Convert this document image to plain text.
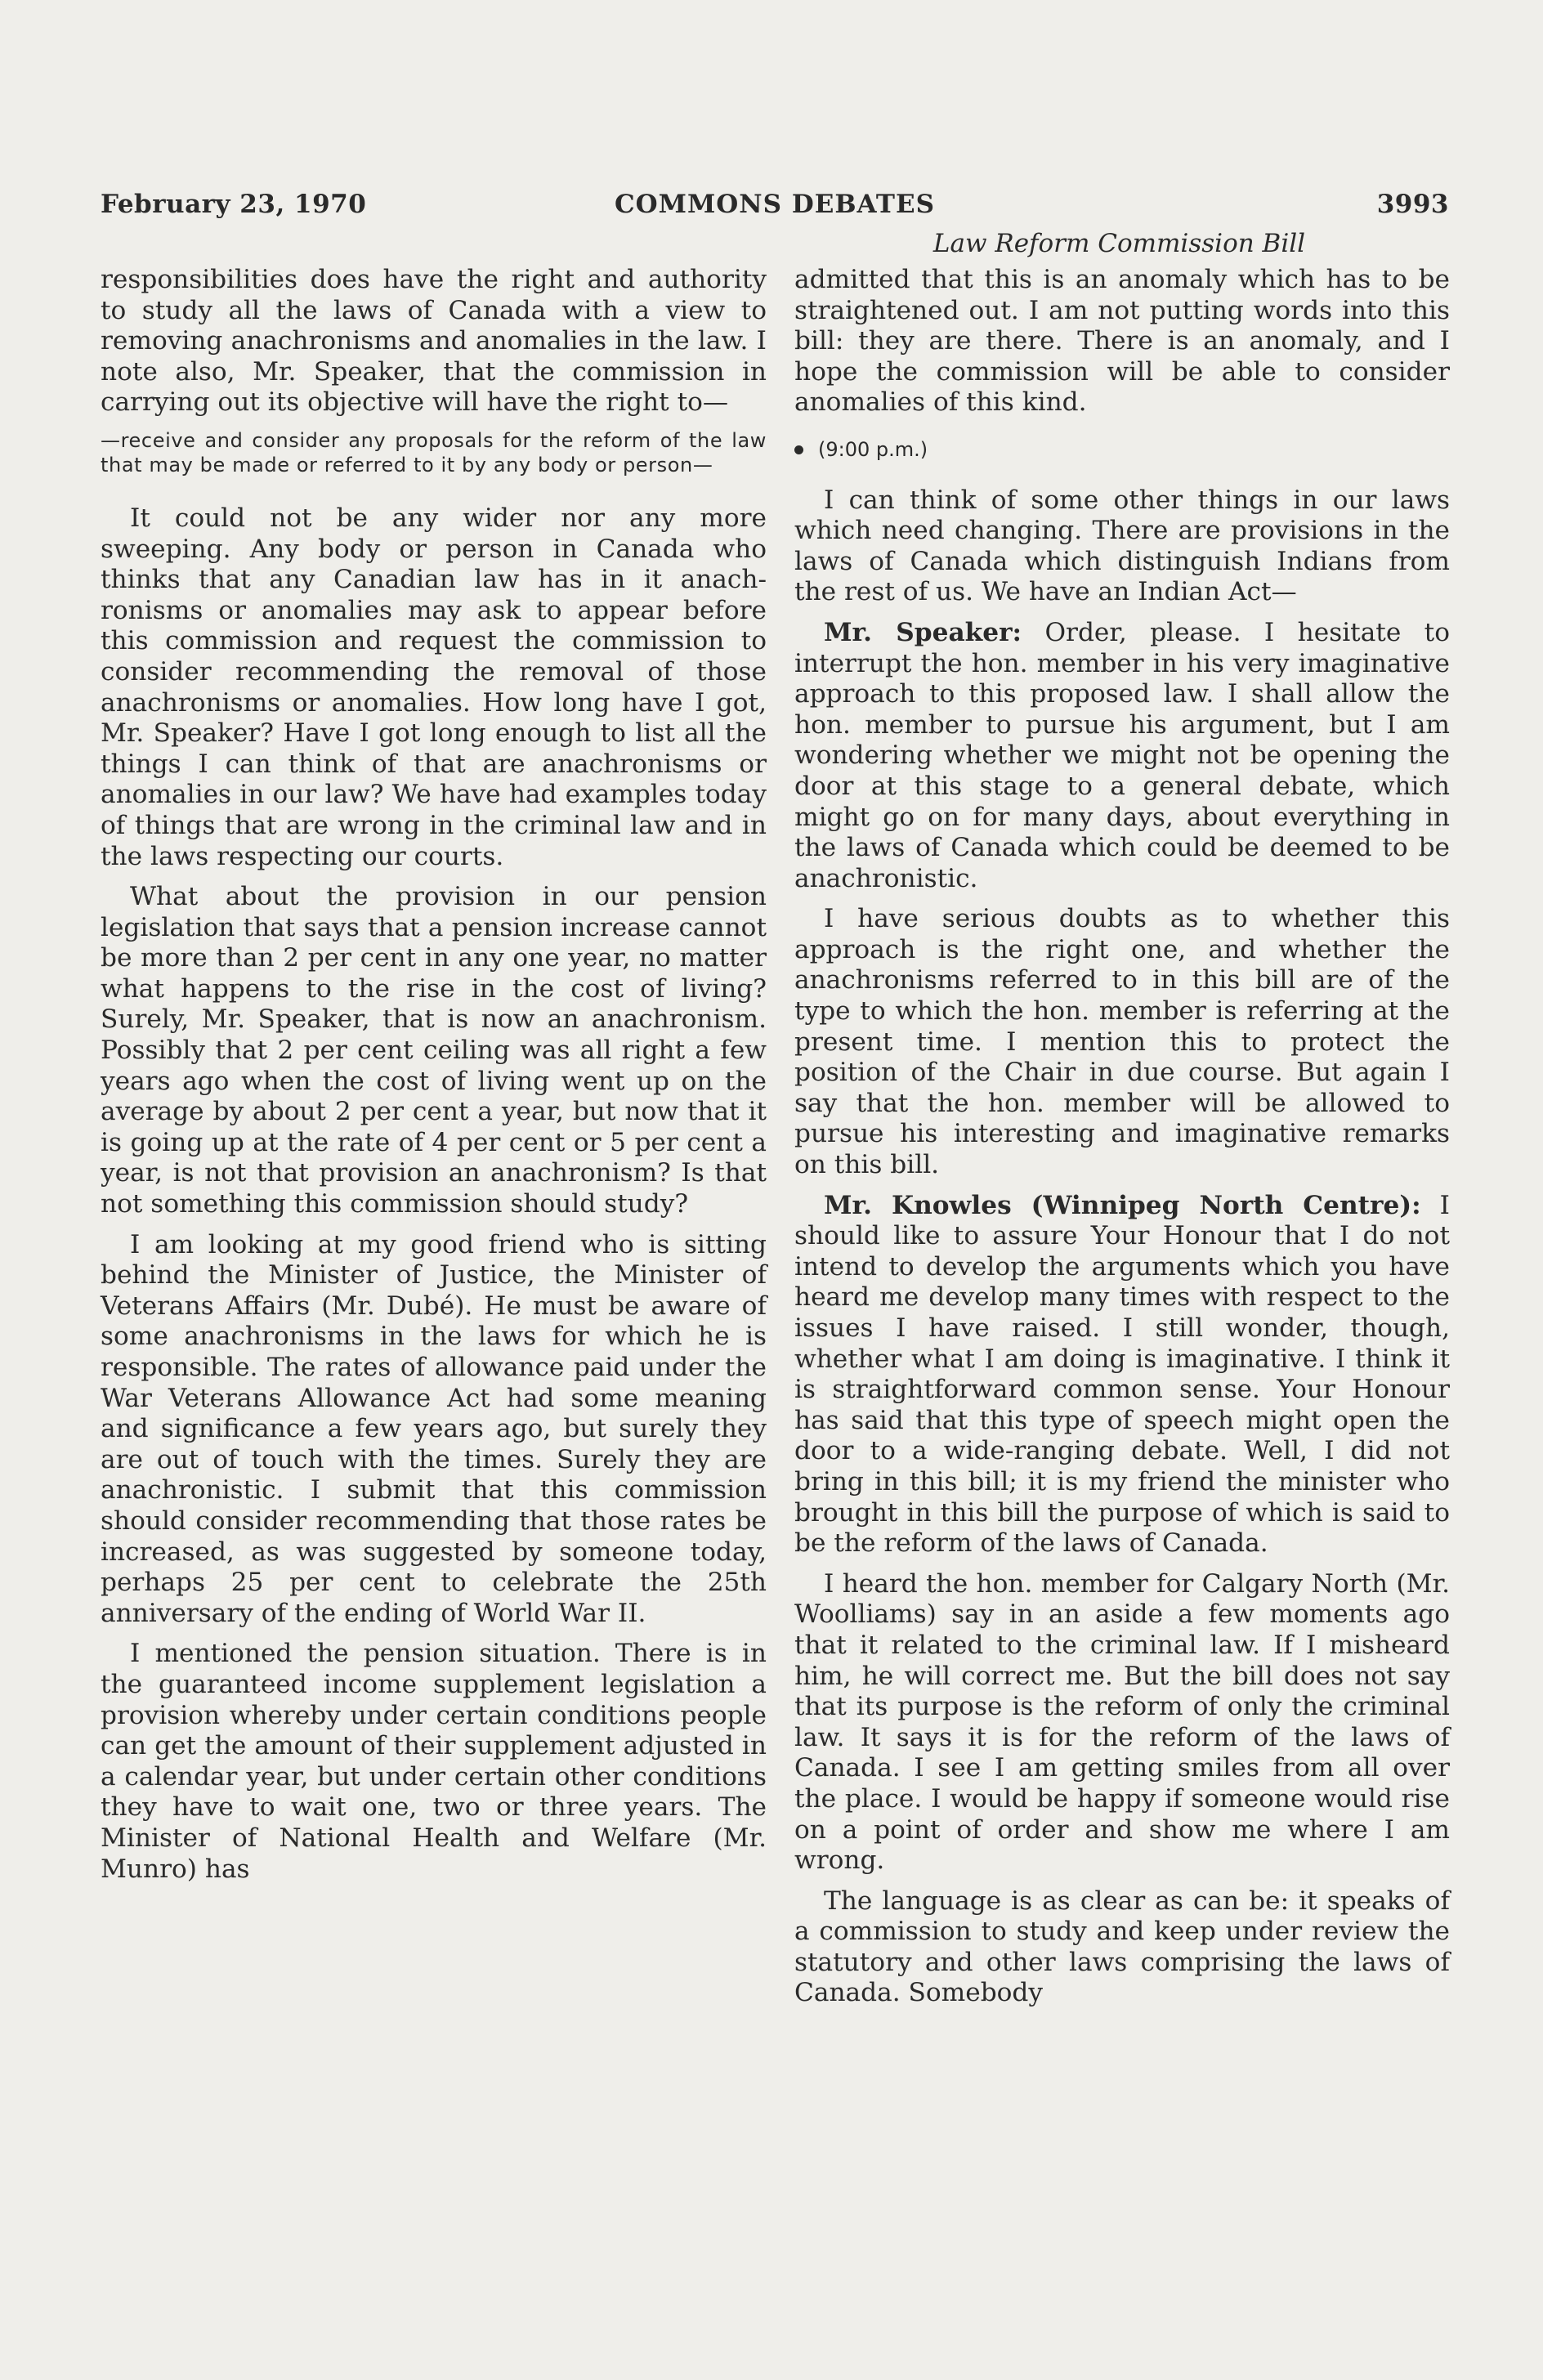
February 23, 1970	COMMONS DEBATES	3993
Law Reform Commission Bill

responsibilities does have the right and authority to study all the laws of Canada with a view to removing anachronisms and anomalies in the law. I note also, Mr. Speaker, that the commission in carrying out its objective will have the right to—

—receive and consider any proposals for the reform of the law that may be made or referred to it by any body or person—

It could not be any wider nor any more sweeping. Any body or person in Canada who thinks that any Canadian law has in it anachronisms or anomalies may ask to appear before this commission and request the commission to consider recommending the removal of those anachronisms or anomalies. How long have I got, Mr. Speaker? Have I got long enough to list all the things I can think of that are anachronisms or anomalies in our law? We have had examples today of things that are wrong in the criminal law and in the laws respecting our courts.

What about the provision in our pension legislation that says that a pension increase cannot be more than 2 per cent in any one year, no matter what happens to the rise in the cost of living? Surely, Mr. Speaker, that is now an anachronism. Possibly that 2 per cent ceiling was all right a few years ago when the cost of living went up on the average by about 2 per cent a year, but now that it is going up at the rate of 4 per cent or 5 per cent a year, is not that provision an anachronism? Is that not something this commission should study?

I am looking at my good friend who is sitting behind the Minister of Justice, the Minister of Veterans Affairs (Mr. Dubé). He must be aware of some anachronisms in the laws for which he is responsible. The rates of allowance paid under the War Veterans Allowance Act had some meaning and significance a few years ago, but surely they are out of touch with the times. Surely they are anachronistic. I submit that this commission should consider recommending that those rates be increased, as was suggested by someone today, perhaps 25 per cent to celebrate the 25th anniversary of the ending of World War II.

I mentioned the pension situation. There is in the guaranteed income supplement legislation a provision whereby under certain conditions people can get the amount of their supplement adjusted in a calendar year, but under certain other conditions they have to wait one, two or three years. The Minister of National Health and Welfare (Mr. Munro) has

admitted that this is an anomaly which has to be straightened out. I am not putting words into this bill: they are there. There is an anomaly, and I hope the commission will be able to consider anomalies of this kind.

(9:00 p.m.)

I can think of some other things in our laws which need changing. There are provisions in the laws of Canada which distinguish Indians from the rest of us. We have an Indian Act—

Mr. Speaker: Order, please. I hesitate to interrupt the hon. member in his very imaginative approach to this proposed law. I shall allow the hon. member to pursue his argument, but I am wondering whether we might not be opening the door at this stage to a general debate, which might go on for many days, about everything in the laws of Canada which could be deemed to be anachronistic.

I have serious doubts as to whether this approach is the right one, and whether the anachronisms referred to in this bill are of the type to which the hon. member is referring at the present time. I mention this to protect the position of the Chair in due course. But again I say that the hon. member will be allowed to pursue his interesting and imaginative remarks on this bill.

Mr. Knowles (Winnipeg North Centre): I should like to assure Your Honour that I do not intend to develop the arguments which you have heard me develop many times with respect to the issues I have raised. I still wonder, though, whether what I am doing is imaginative. I think it is straightforward common sense. Your Honour has said that this type of speech might open the door to a wide-ranging debate. Well, I did not bring in this bill; it is my friend the minister who brought in this bill the purpose of which is said to be the reform of the laws of Canada.

I heard the hon. member for Calgary North (Mr. Woolliams) say in an aside a few moments ago that it related to the criminal law. If I misheard him, he will correct me. But the bill does not say that its purpose is the reform of only the criminal law. It says it is for the reform of the laws of Canada. I see I am getting smiles from all over the place. I would be happy if someone would rise on a point of order and show me where I am wrong.

The language is as clear as can be: it speaks of a commission to study and keep under review the statutory and other laws comprising the laws of Canada. Somebody
